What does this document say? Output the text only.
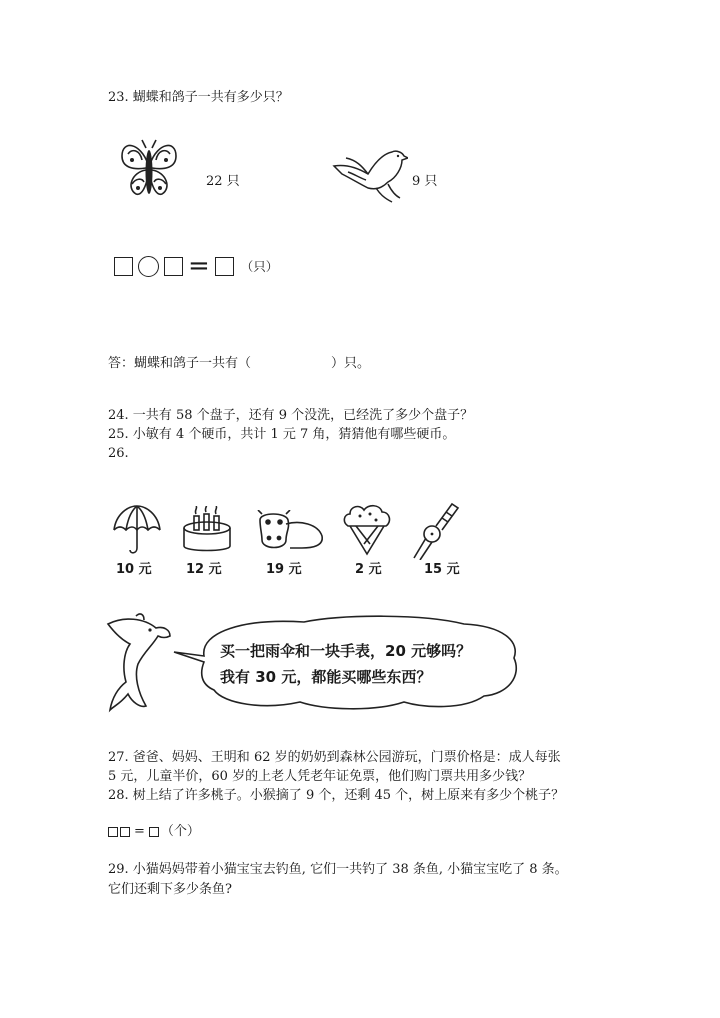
23. 蝴蝶和鸽子一共有多少只？
22 只	9 只
= （只）
答：蝴蝶和鸽子一共有（	）只。
24. 一共有 58 个盘子，还有 9 个没洗，已经洗了多少个盘子？
25. 小敏有 4 个硬币，共计 1 元 7 角，猜猜他有哪些硬币。
26.
10 元	12 元	19 元	2 元	15 元
买一把雨伞和一块手表，20 元够吗？
我有 30 元，都能买哪些东西？
27. 爸爸、妈妈、王明和 62 岁的奶奶到森林公园游玩，门票价格是：成人每张
5 元，儿童半价，60 岁的上老人凭老年证免票，他们购门票共用多少钱？
28. 树上结了许多桃子。小猴摘了 9 个，还剩 45 个，树上原来有多少个桃子？
= （个）
29. 小猫妈妈带着小猫宝宝去钓鱼, 它们一共钓了 38 条鱼, 小猫宝宝吃了 8 条。
它们还剩下多少条鱼?
